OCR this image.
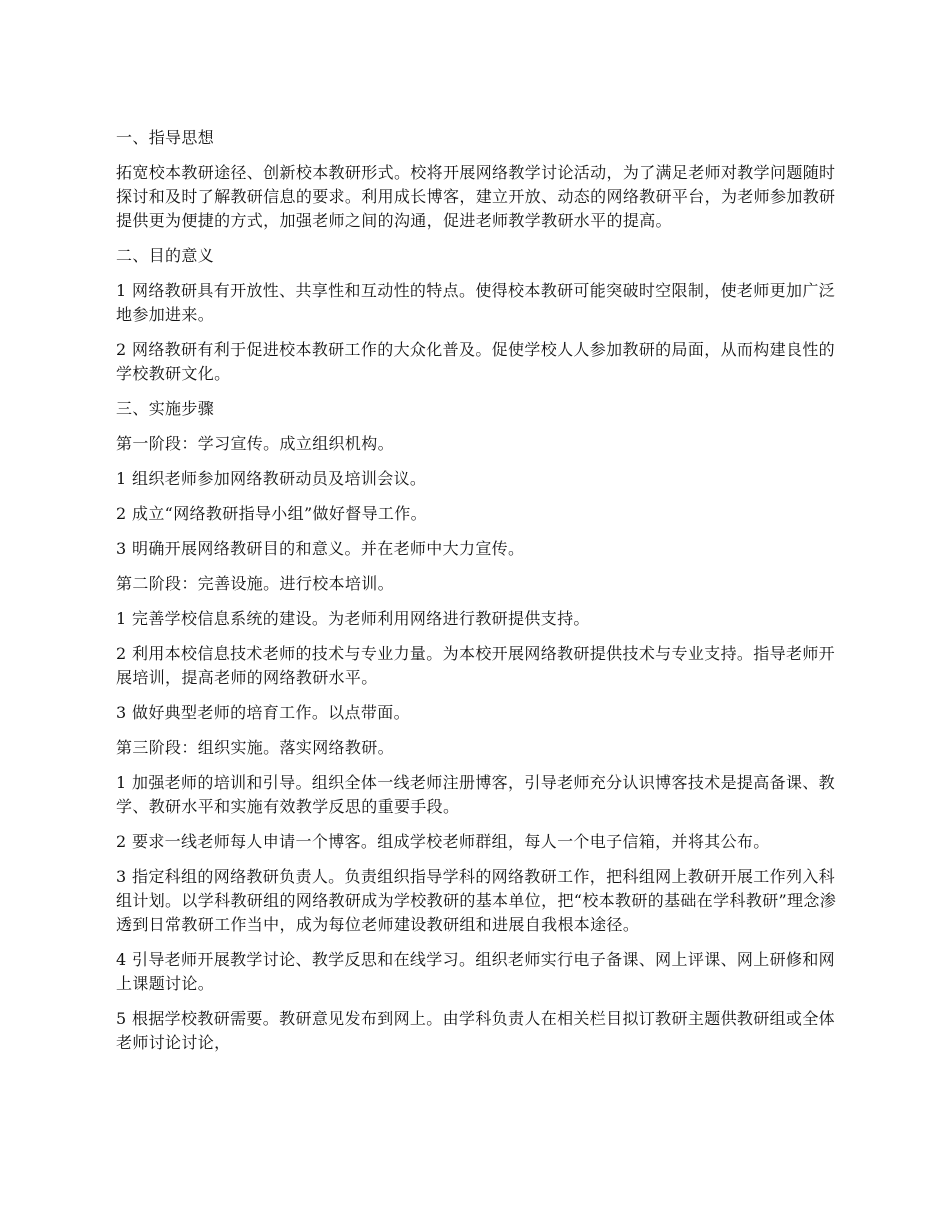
一、指导思想

拓宽校本教研途径、创新校本教研形式。校将开展网络教学讨论活动，为了满足老师对教学问题随时探讨和及时了解教研信息的要求。利用成长博客，建立开放、动态的网络教研平台，为老师参加教研提供更为便捷的方式，加强老师之间的沟通，促进老师教学教研水平的提高。

二、目的意义

1 网络教研具有开放性、共享性和互动性的特点。使得校本教研可能突破时空限制，使老师更加广泛地参加进来。

2 网络教研有利于促进校本教研工作的大众化普及。促使学校人人参加教研的局面，从而构建良性的学校教研文化。

三、实施步骤

第一阶段：学习宣传。成立组织机构。

1 组织老师参加网络教研动员及培训会议。

2 成立“网络教研指导小组”做好督导工作。

3 明确开展网络教研目的和意义。并在老师中大力宣传。

第二阶段：完善设施。进行校本培训。

1 完善学校信息系统的建设。为老师利用网络进行教研提供支持。

2 利用本校信息技术老师的技术与专业力量。为本校开展网络教研提供技术与专业支持。指导老师开展培训，提高老师的网络教研水平。

3 做好典型老师的培育工作。以点带面。

第三阶段：组织实施。落实网络教研。

1 加强老师的培训和引导。组织全体一线老师注册博客，引导老师充分认识博客技术是提高备课、教学、教研水平和实施有效教学反思的重要手段。

2 要求一线老师每人申请一个博客。组成学校老师群组，每人一个电子信箱，并将其公布。

3 指定科组的网络教研负责人。负责组织指导学科的网络教研工作，把科组网上教研开展工作列入科组计划。以学科教研组的网络教研成为学校教研的基本单位，把“校本教研的基础在学科教研”理念渗透到日常教研工作当中，成为每位老师建设教研组和进展自我根本途径。

4 引导老师开展教学讨论、教学反思和在线学习。组织老师实行电子备课、网上评课、网上研修和网上课题讨论。

5 根据学校教研需要。教研意见发布到网上。由学科负责人在相关栏目拟订教研主题供教研组或全体老师讨论讨论，
